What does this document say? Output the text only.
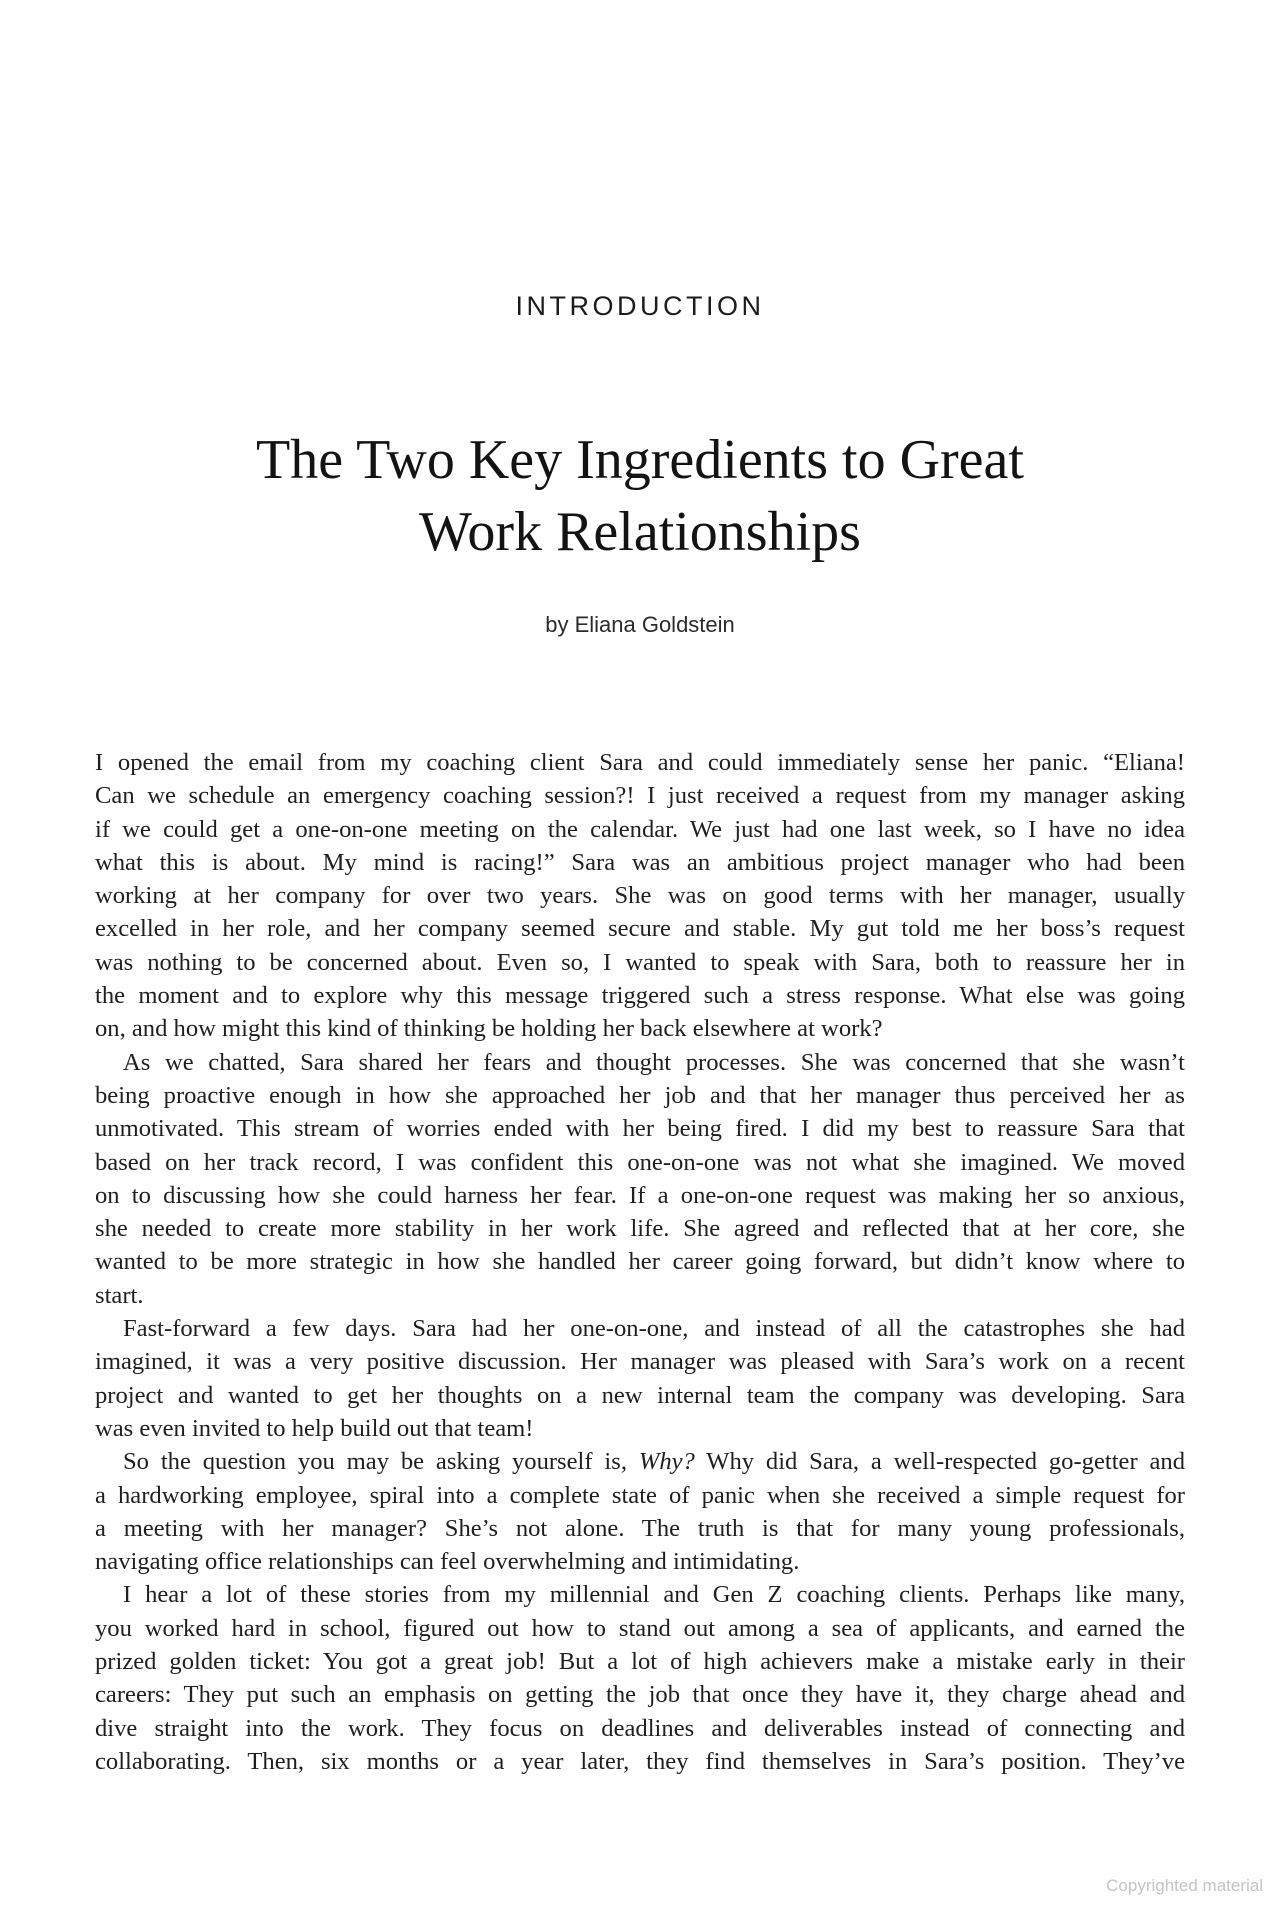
INTRODUCTION
The Two Key Ingredients to Great
Work Relationships
by Eliana Goldstein
I opened the email from my coaching client Sara and could immediately sense her panic. “Eliana!
Can we schedule an emergency coaching session?! I just received a request from my manager asking
if we could get a one-on-one meeting on the calendar. We just had one last week, so I have no idea
what this is about. My mind is racing!” Sara was an ambitious project manager who had been
working at her company for over two years. She was on good terms with her manager, usually
excelled in her role, and her company seemed secure and stable. My gut told me her boss’s request
was nothing to be concerned about. Even so, I wanted to speak with Sara, both to reassure her in
the moment and to explore why this message triggered such a stress response. What else was going
on, and how might this kind of thinking be holding her back elsewhere at work?
As we chatted, Sara shared her fears and thought processes. She was concerned that she wasn’t
being proactive enough in how she approached her job and that her manager thus perceived her as
unmotivated. This stream of worries ended with her being fired. I did my best to reassure Sara that
based on her track record, I was confident this one-on-one was not what she imagined. We moved
on to discussing how she could harness her fear. If a one-on-one request was making her so anxious,
she needed to create more stability in her work life. She agreed and reflected that at her core, she
wanted to be more strategic in how she handled her career going forward, but didn’t know where to
start.
Fast-forward a few days. Sara had her one-on-one, and instead of all the catastrophes she had
imagined, it was a very positive discussion. Her manager was pleased with Sara’s work on a recent
project and wanted to get her thoughts on a new internal team the company was developing. Sara
was even invited to help build out that team!
So the question you may be asking yourself is, Why? Why did Sara, a well-respected go-getter and
a hardworking employee, spiral into a complete state of panic when she received a simple request for
a meeting with her manager? She’s not alone. The truth is that for many young professionals,
navigating office relationships can feel overwhelming and intimidating.
I hear a lot of these stories from my millennial and Gen Z coaching clients. Perhaps like many,
you worked hard in school, figured out how to stand out among a sea of applicants, and earned the
prized golden ticket: You got a great job! But a lot of high achievers make a mistake early in their
careers: They put such an emphasis on getting the job that once they have it, they charge ahead and
dive straight into the work. They focus on deadlines and deliverables instead of connecting and
collaborating. Then, six months or a year later, they find themselves in Sara’s position. They’ve
Copyrighted material
